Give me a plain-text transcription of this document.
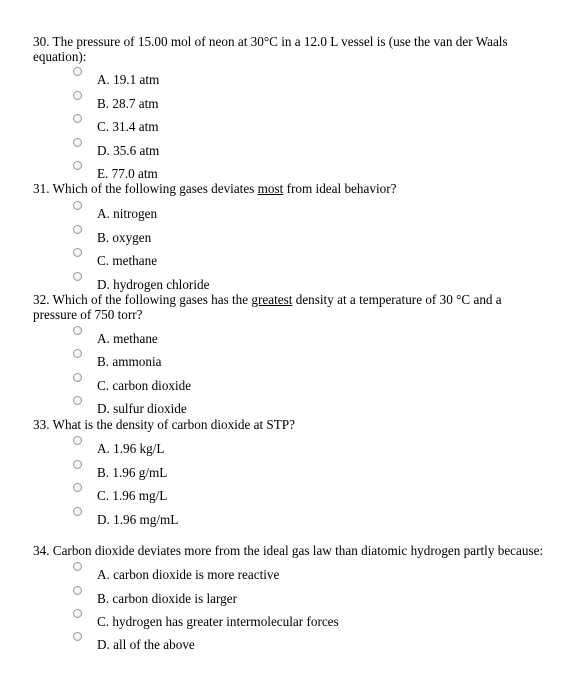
30. The pressure of 15.00 mol of neon at 30°C in a 12.0 L vessel is (use the van der Waals
equation):
A. 19.1 atm
B. 28.7 atm
C. 31.4 atm
D. 35.6 atm
E. 77.0 atm
31. Which of the following gases deviates most from ideal behavior?
A. nitrogen
B. oxygen
C. methane
D. hydrogen chloride
32. Which of the following gases has the greatest density at a temperature of 30 °C and a
pressure of 750 torr?
A. methane
B. ammonia
C. carbon dioxide
D. sulfur dioxide
33. What is the density of carbon dioxide at STP?
A. 1.96 kg/L
B. 1.96 g/mL
C. 1.96 mg/L
D. 1.96 mg/mL
34. Carbon dioxide deviates more from the ideal gas law than diatomic hydrogen partly because:
A. carbon dioxide is more reactive
B. carbon dioxide is larger
C. hydrogen has greater intermolecular forces
D. all of the above
